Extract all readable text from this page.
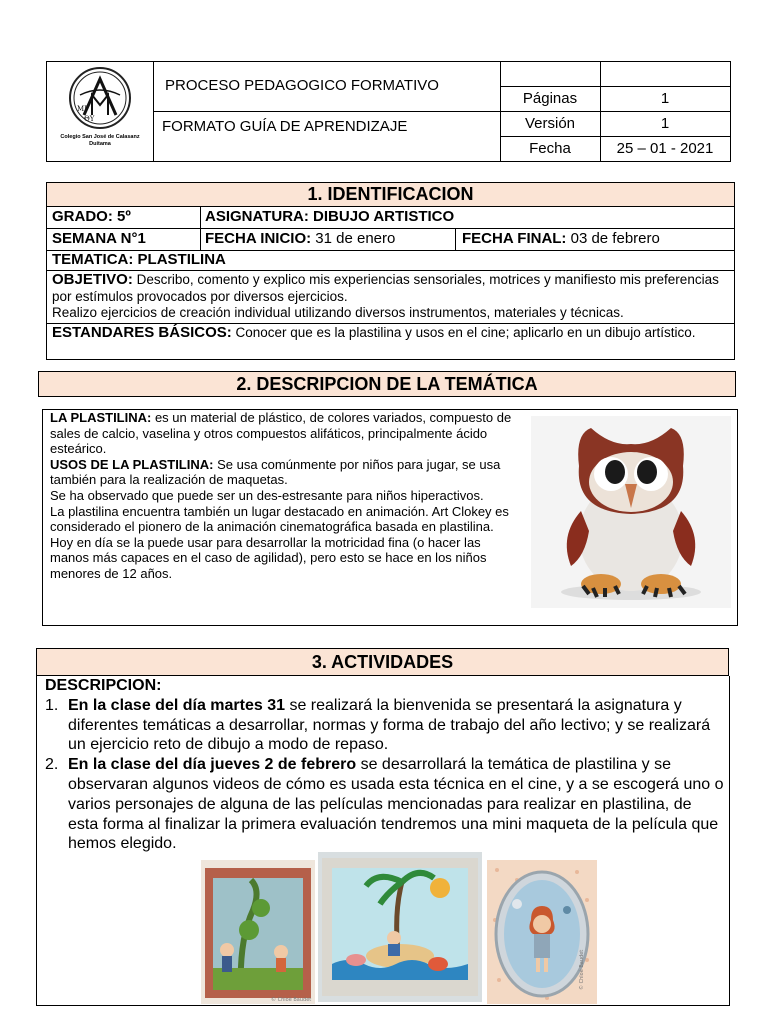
MP
ΘY
Colegio San José de Calasanz
Duitama
PROCESO PEDAGOGICO FORMATIVO
FORMATO GUÍA DE APRENDIZAJE
Páginas	1
Versión	1
Fecha	25 – 01 - 2021
1. IDENTIFICACION
GRADO: 5º	ASIGNATURA: DIBUJO ARTISTICO
SEMANA N°1	FECHA INICIO: 31 de enero	FECHA FINAL: 03 de febrero
TEMATICA: PLASTILINA
OBJETIVO: Describo, comento y explico mis experiencias sensoriales, motrices y manifiesto mis preferencias por estímulos provocados por diversos ejercicios.
Realizo ejercicios de creación individual utilizando diversos instrumentos, materiales y técnicas.
ESTANDARES BÁSICOS: Conocer que es la plastilina y usos en el cine; aplicarlo en un dibujo artístico.
2. DESCRIPCION DE LA TEMÁTICA
LA PLASTILINA: es un material de plástico, de colores variados, compuesto de sales de calcio, vaselina y otros compuestos alifáticos, principalmente ácido esteárico.
USOS DE LA PLASTILINA: Se usa comúnmente por niños para jugar, se usa también para la realización de maquetas.
Se ha observado que puede ser un des-estresante para niños hiperactivos.
La plastilina encuentra también un lugar destacado en animación. Art Clokey es considerado el pionero de la animación cinematográfica basada en plastilina.
Hoy en día se la puede usar para desarrollar la motricidad fina (o hacer las manos más capaces en el caso de agilidad), pero esto se hace en los niños menores de 12 años.
3. ACTIVIDADES
DESCRIPCION:
1. En la clase del día martes 31 se realizará la bienvenida se presentará la asignatura y diferentes temáticas a desarrollar, normas y forma de trabajo del año lectivo; y se realizará un ejercicio reto de dibujo a modo de repaso.
2. En la clase del día jueves 2 de febrero se desarrollará la temática de plastilina y se observaran algunos videos de cómo es usada esta técnica en el cine, y a se escogerá uno o varios personajes de alguna de las películas mencionadas para realizar en plastilina, de esta forma al finalizar la primera evaluación tendremos una mini maqueta de la película que hemos elegido.
© Chloé Baudet
© Chloé Baudet
